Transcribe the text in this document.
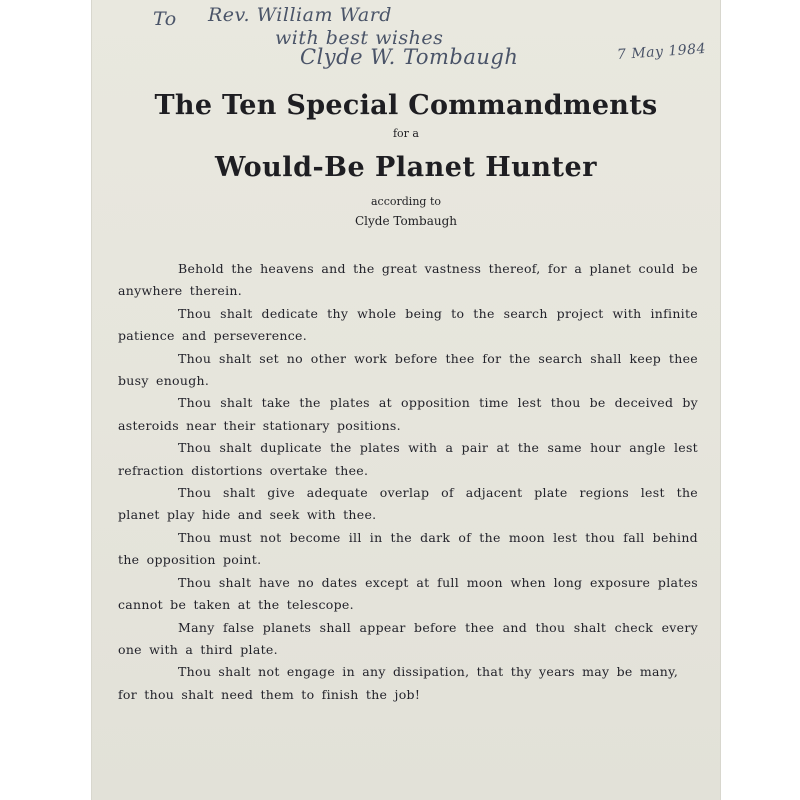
To Rev. William Ward
with best wishes
Clyde W. Tombaugh	7 May 1984
The Ten Special Commandments
for a
Would-Be Planet Hunter
according to
Clyde Tombaugh
Behold the heavens and the great vastness thereof, for a planet could be anywhere therein.
Thou shalt dedicate thy whole being to the search project with infinite patience and perseverence.
Thou shalt set no other work before thee for the search shall keep thee busy enough.
Thou shalt take the plates at opposition time lest thou be deceived by asteroids near their stationary positions.
Thou shalt duplicate the plates with a pair at the same hour angle lest refraction distortions overtake thee.
Thou shalt give adequate overlap of adjacent plate regions lest the planet play hide and seek with thee.
Thou must not become ill in the dark of the moon lest thou fall behind the opposition point.
Thou shalt have no dates except at full moon when long exposure plates cannot be taken at the telescope.
Many false planets shall appear before thee and thou shalt check every one with a third plate.
Thou shalt not engage in any dissipation, that thy years may be many, for thou shalt need them to finish the job!
